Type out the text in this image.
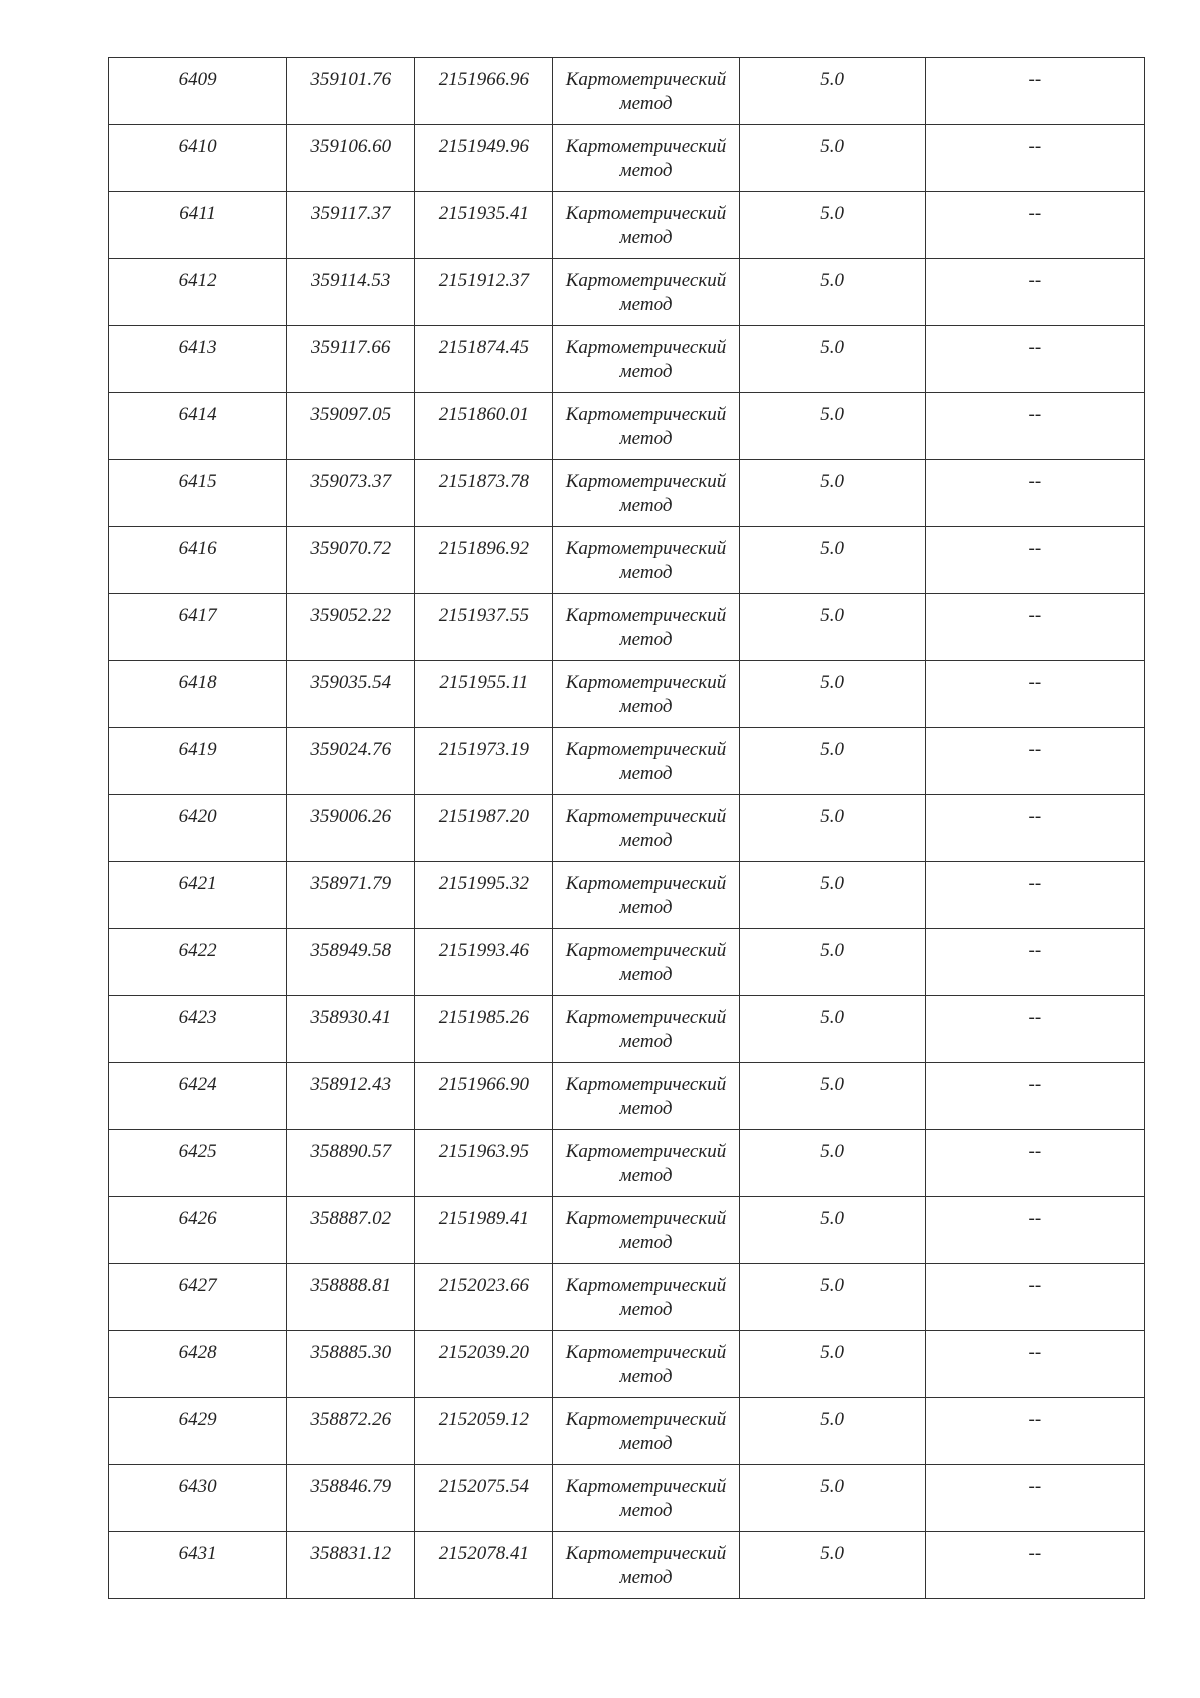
6409	359101.76	2151966.96	Картометрический
метод	5.0	--

6410	359106.60	2151949.96	Картометрический
метод	5.0	--

6411	359117.37	2151935.41	Картометрический
метод	5.0	--

6412	359114.53	2151912.37	Картометрический
метод	5.0	--

6413	359117.66	2151874.45	Картометрический
метод	5.0	--

6414	359097.05	2151860.01	Картометрический
метод	5.0	--

6415	359073.37	2151873.78	Картометрический
метод	5.0	--

6416	359070.72	2151896.92	Картометрический
метод	5.0	--

6417	359052.22	2151937.55	Картометрический
метод	5.0	--

6418	359035.54	2151955.11	Картометрический
метод	5.0	--

6419	359024.76	2151973.19	Картометрический
метод	5.0	--

6420	359006.26	2151987.20	Картометрический
метод	5.0	--

6421	358971.79	2151995.32	Картометрический
метод	5.0	--

6422	358949.58	2151993.46	Картометрический
метод	5.0	--

6423	358930.41	2151985.26	Картометрический
метод	5.0	--

6424	358912.43	2151966.90	Картометрический
метод	5.0	--

6425	358890.57	2151963.95	Картометрический
метод	5.0	--

6426	358887.02	2151989.41	Картометрический
метод	5.0	--

6427	358888.81	2152023.66	Картометрический
метод	5.0	--

6428	358885.30	2152039.20	Картометрический
метод	5.0	--

6429	358872.26	2152059.12	Картометрический
метод	5.0	--

6430	358846.79	2152075.54	Картометрический
метод	5.0	--

6431	358831.12	2152078.41	Картометрический
метод	5.0	--
